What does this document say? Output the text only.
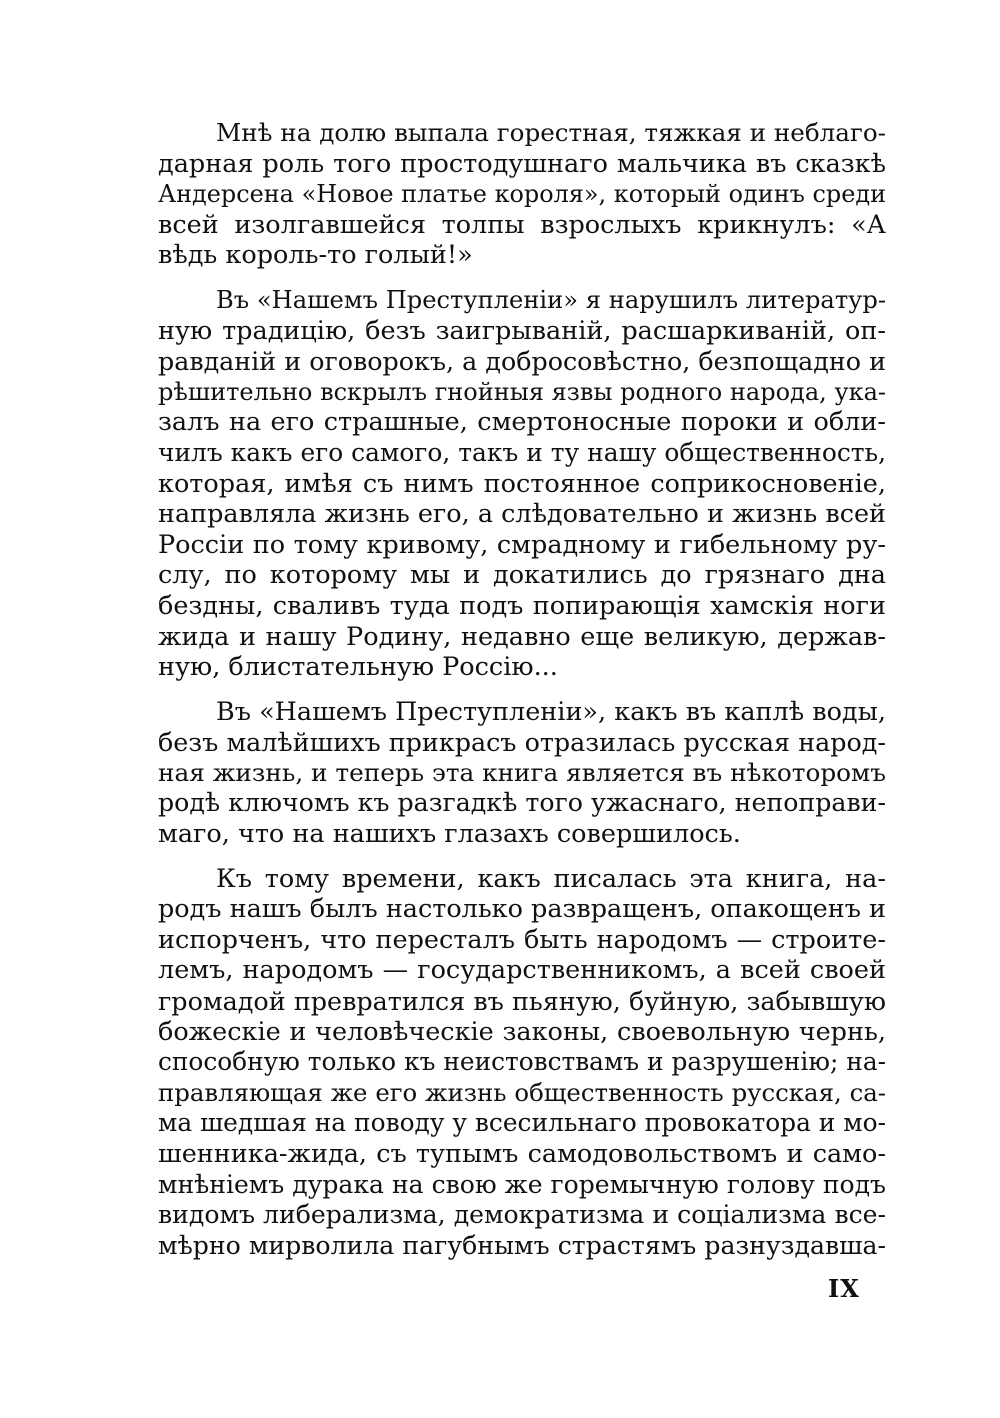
Мнѣ на долю выпала горестная, тяжкая и неблаго-
дарная роль того простодушнаго мальчика въ сказкѣ
Андерсена «Новое платье короля», который одинъ среди
всей изолгавшейся толпы взрослыхъ крикнулъ: «А
вѣдь король-то голый!»
Въ «Нашемъ Преступленiи» я нарушилъ литератур-
ную традицiю, безъ заигрыванiй, расшаркиванiй, оп-
равданiй и оговорокъ, а добросовѣстно, безпощадно и
рѣшительно вскрылъ гнойныя язвы родного народа, ука-
залъ на его страшные, смертоносные пороки и обли-
чилъ какъ его самого, такъ и ту нашу общественность,
которая, имѣя съ нимъ постоянное соприкосновенiе,
направляла жизнь его, а слѣдовательно и жизнь всей
Россiи по тому кривому, смрадному и гибельному ру-
слу, по которому мы и докатились до грязнаго дна
бездны, сваливъ туда подъ попирающiя хамскiя ноги
жида и нашу Родину, недавно еще великую, держав-
ную, блистательную Россiю...
Въ «Нашемъ Преступленiи», какъ въ каплѣ воды,
безъ малѣйшихъ прикрасъ отразилась русская народ-
ная жизнь, и теперь эта книга является въ нѣкоторомъ
родѣ ключомъ къ разгадкѣ того ужаснаго, непоправи-
маго, что на нашихъ глазахъ совершилось.
Къ тому времени, какъ писалась эта книга, на-
родъ нашъ былъ настолько развращенъ, опакощенъ и
испорченъ, что пересталъ быть народомъ — строите-
лемъ, народомъ — государственникомъ, а всей своей
громадой превратился въ пьяную, буйную, забывшую
божескiе и человѣческiе законы, своевольную чернь,
способную только къ неистовствамъ и разрушенiю; на-
правляющая же его жизнь общественность русская, са-
ма шедшая на поводу у всесильнаго провокатора и мо-
шенника-жида, съ тупымъ самодовольствомъ и само-
мнѣнiемъ дурака на свою же горемычную голову подъ
видомъ либерализма, демократизма и соцiализма все-
мѣрно мирволила пагубнымъ страстямъ разнуздавша-
IX
